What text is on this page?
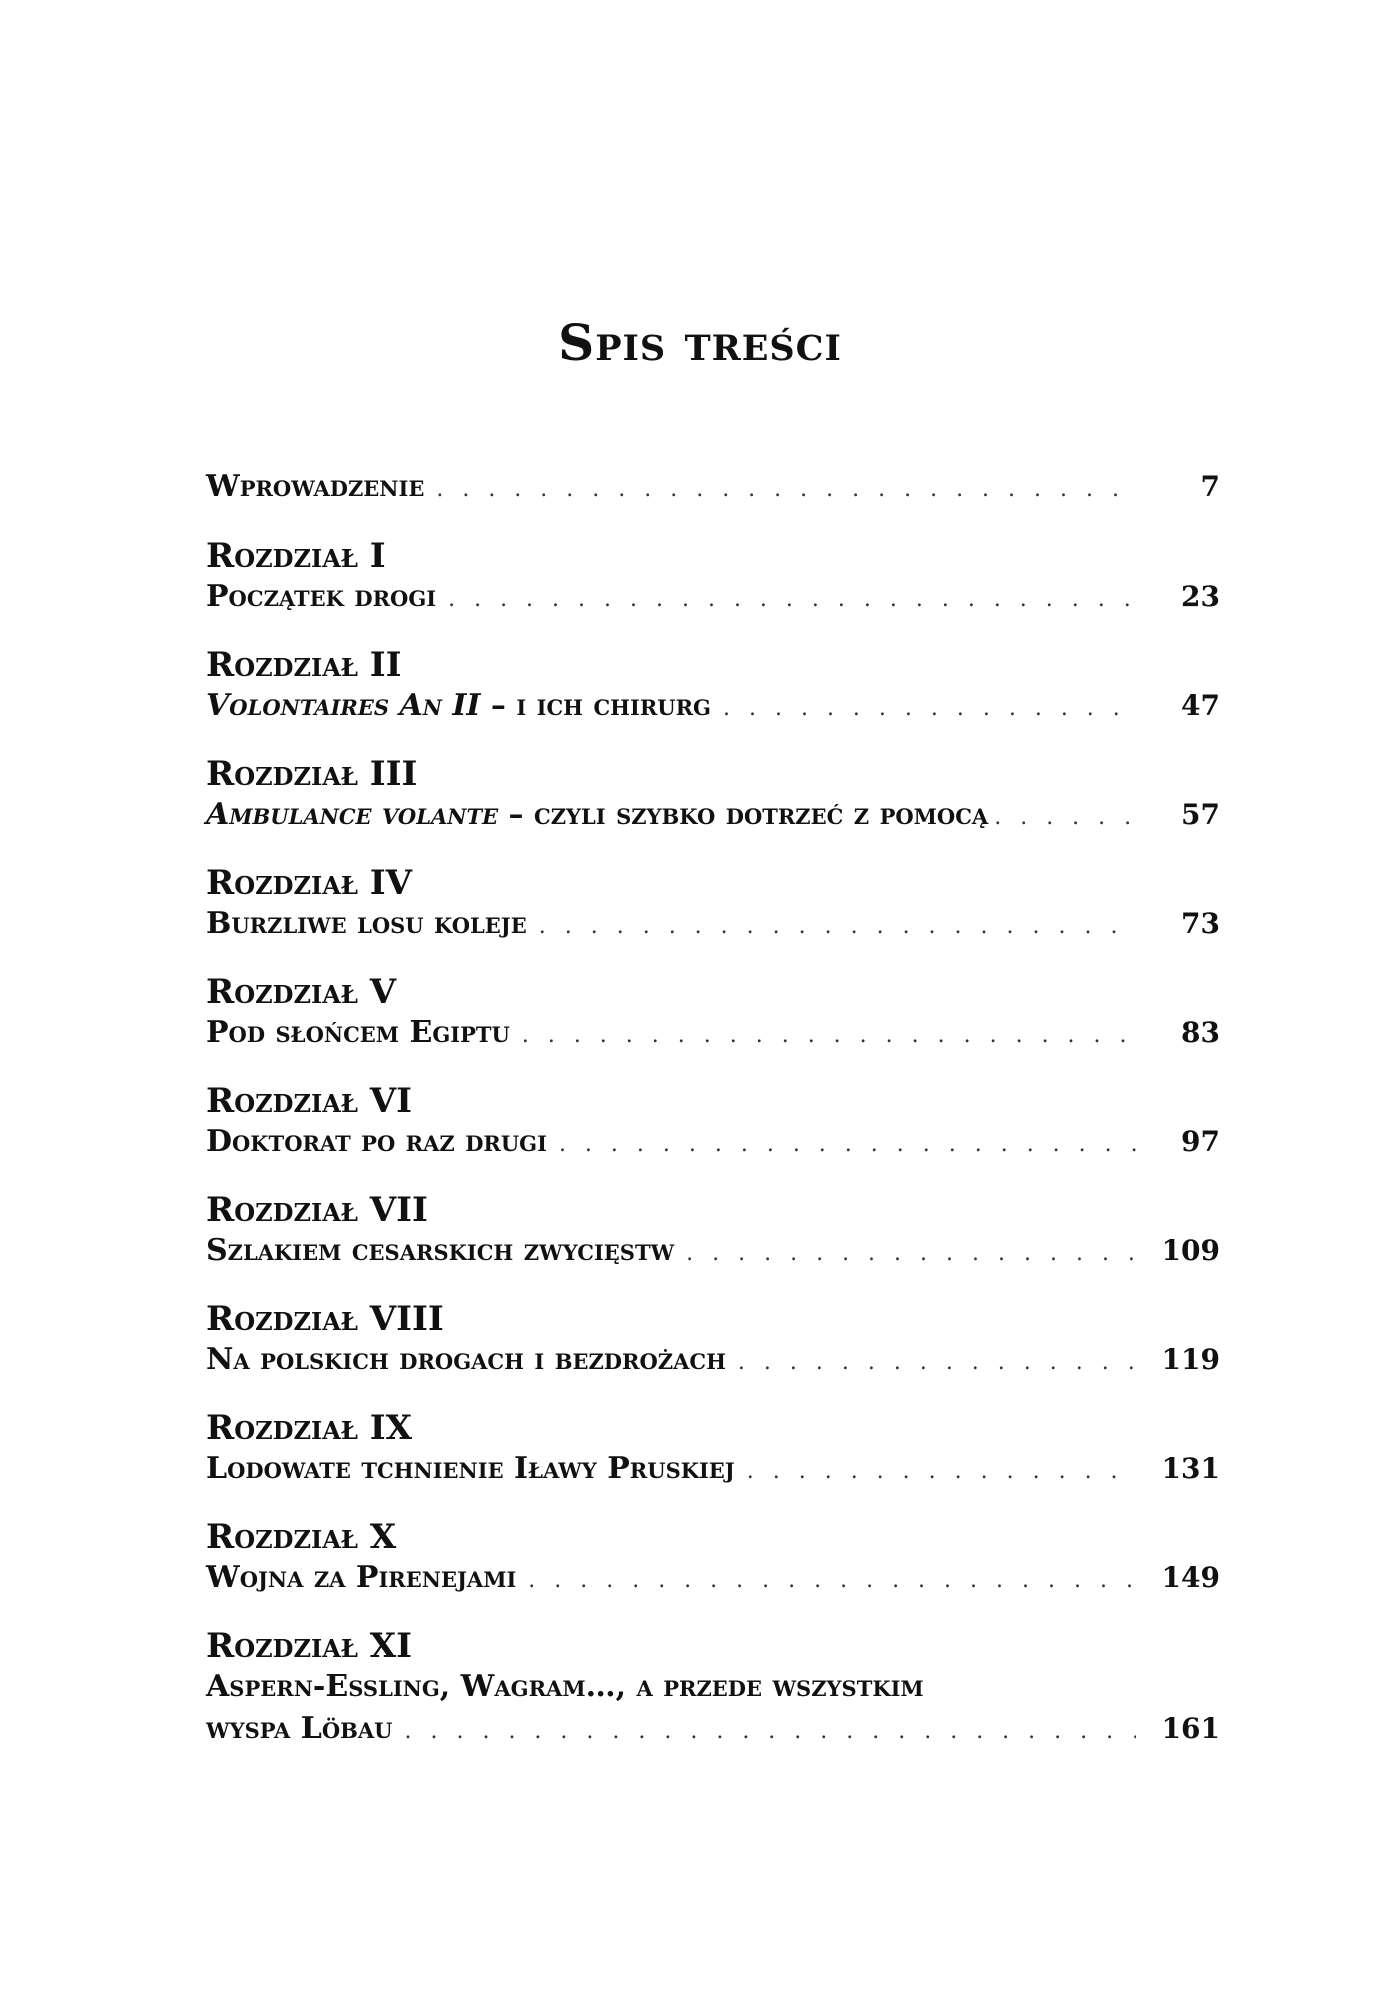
Spis treści
Wprowadzenie . . .	7
Rozdział I
Początek drogi . . .	23
Rozdział II
Volontaires An II – i ich chirurg . . .	47
Rozdział III
Ambulance volante – czyli szybko dotrzeć z pomocą . . .	57
Rozdział IV
Burzliwe losu koleje . . .	73
Rozdział V
Pod słońcem Egiptu . . .	83
Rozdział VI
Doktorat po raz drugi . . .	97
Rozdział VII
Szlakiem cesarskich zwycięstw . . .	109
Rozdział VIII
Na polskich drogach i bezdrożach . . .	119
Rozdział IX
Lodowate tchnienie Iławy Pruskiej . . .	131
Rozdział X
Wojna za Pirenejami . . .	149
Rozdział XI
Aspern-Essling, Wagram…, a przede wszystkim
wyspa Löbau . . .	161
